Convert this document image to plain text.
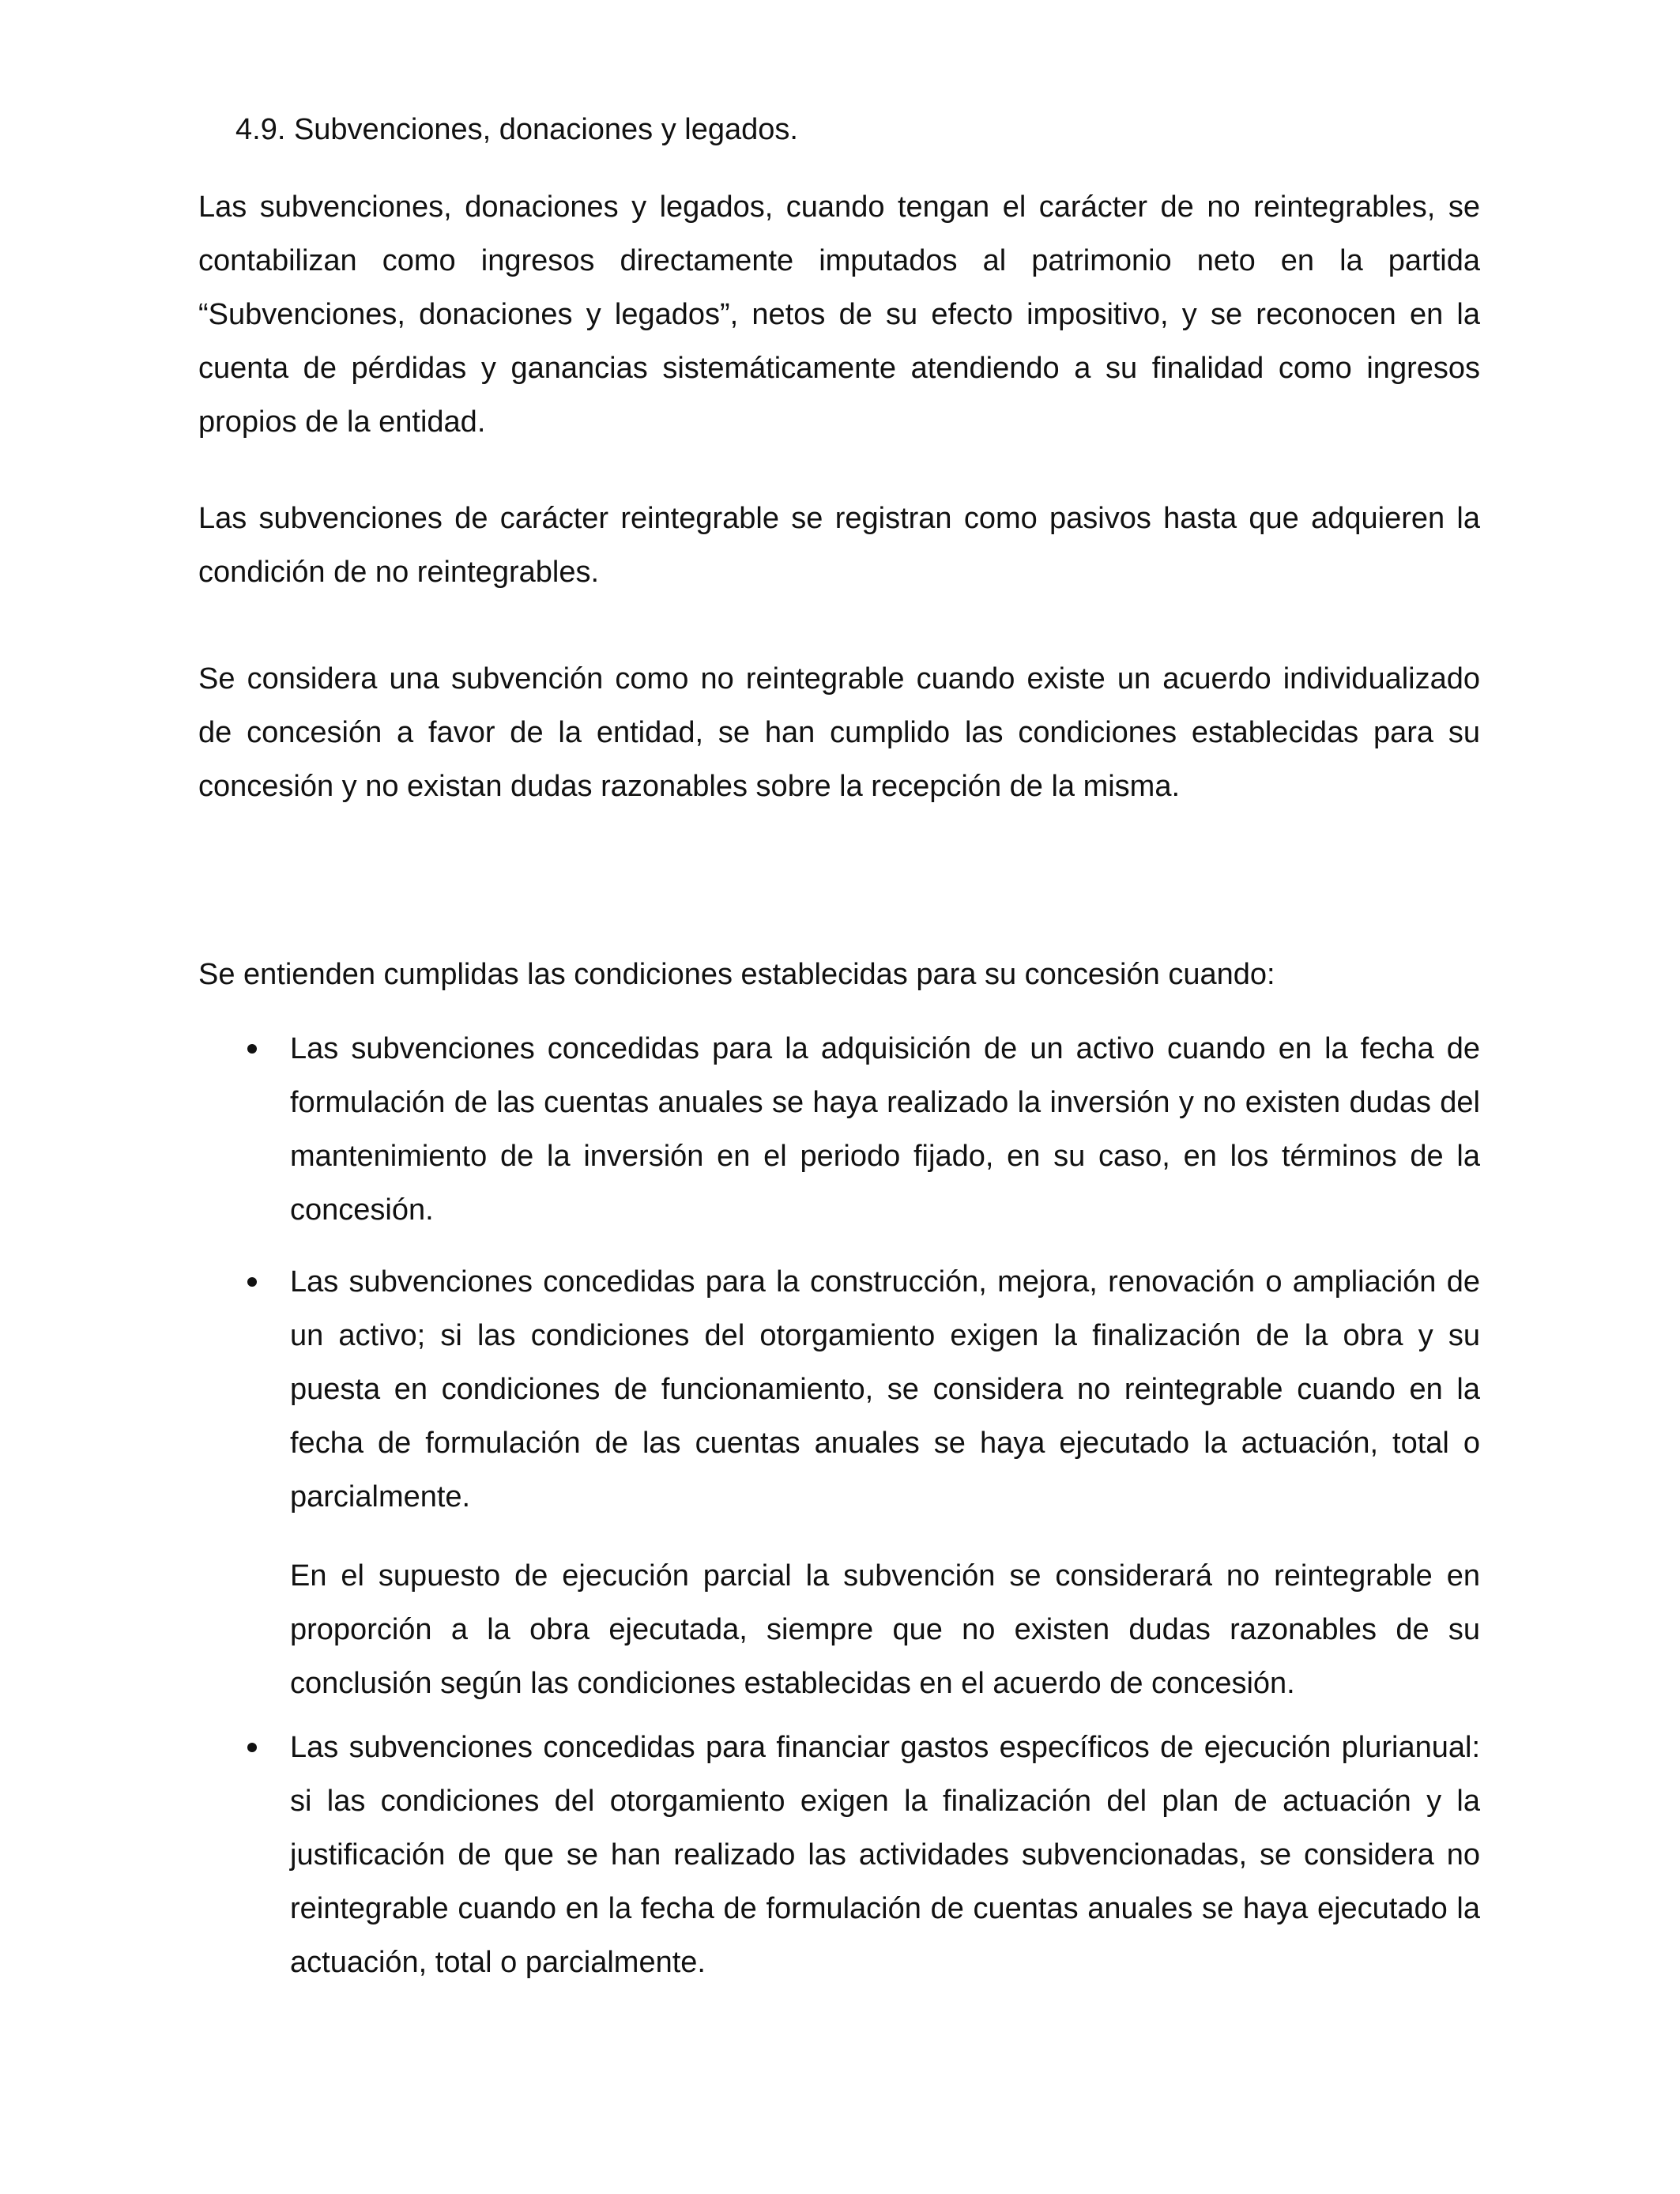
4.9. Subvenciones, donaciones y legados.

Las subvenciones, donaciones y legados, cuando tengan el carácter de no reintegrables, se contabilizan como ingresos directamente imputados al patrimonio neto en la partida “Subvenciones, donaciones y legados”, netos de su efecto impositivo, y se reconocen en la cuenta de pérdidas y ganancias sistemáticamente atendiendo a su finalidad como ingresos propios de la entidad.

Las subvenciones de carácter reintegrable se registran como pasivos hasta que adquieren la condición de no reintegrables.

Se considera una subvención como no reintegrable cuando existe un acuerdo individualizado de concesión a favor de la entidad, se han cumplido las condiciones establecidas para su concesión y no existan dudas razonables sobre la recepción de la misma.

Se entienden cumplidas las condiciones establecidas para su concesión cuando:

Las subvenciones concedidas para la adquisición de un activo cuando en la fecha de formulación de las cuentas anuales se haya realizado la inversión y no existen dudas del mantenimiento de la inversión en el periodo fijado, en su caso, en los términos de la concesión.

Las subvenciones concedidas para la construcción, mejora, renovación o ampliación de un activo; si las condiciones del otorgamiento exigen la finalización de la obra y su puesta en condiciones de funcionamiento, se considera no reintegrable cuando en la fecha de formulación de las cuentas anuales se haya ejecutado la actuación, total o parcialmente.

En el supuesto de ejecución parcial la subvención se considerará no reintegrable en proporción a la obra ejecutada, siempre que no existen dudas razonables de su conclusión según las condiciones establecidas en el acuerdo de concesión.

Las subvenciones concedidas para financiar gastos específicos de ejecución plurianual: si las condiciones del otorgamiento exigen la finalización del plan de actuación y la justificación de que se han realizado las actividades subvencionadas, se considera no reintegrable cuando en la fecha de formulación de cuentas anuales se haya ejecutado la actuación, total o parcialmente.
